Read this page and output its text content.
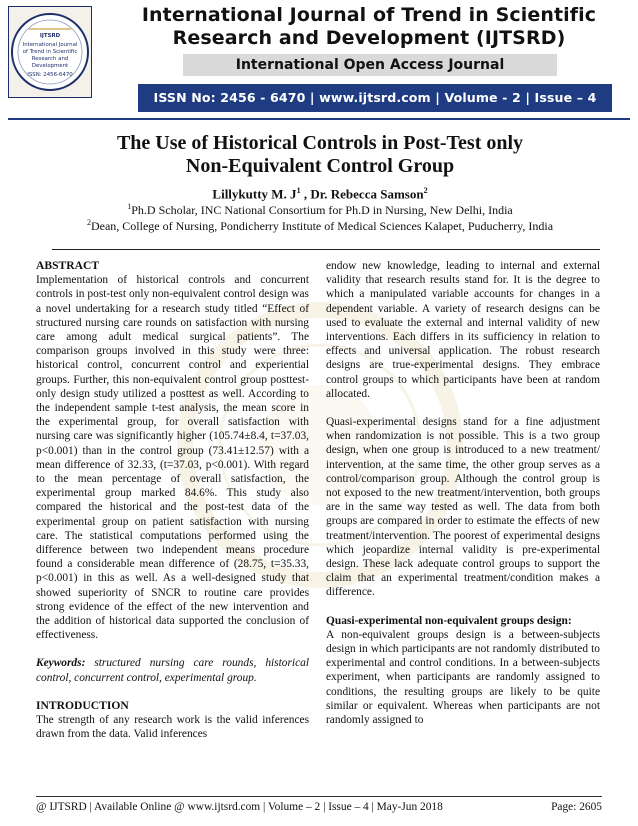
IJTSRD
International Journal
of Trend in Scientific
Research and
Development
ISSN: 2456-6470
International Journal of Trend in Scientific
Research and Development (IJTSRD)
International Open Access Journal
ISSN No: 2456 - 6470 | www.ijtsrd.com | Volume - 2 | Issue – 4
The Use of Historical Controls in Post-Test only
Non-Equivalent Control Group
Lillykutty M. $J^1$ , Dr. Rebecca Samson$^2$
$^1$Ph.D Scholar, INC National Consortium for Ph.D in Nursing, New Delhi, India
$^2$Dean, College of Nursing, Pondicherry Institute of Medical Sciences Kalapet, Puducherry, India
ABSTRACT

Implementation of historical controls and concurrent controls in post-test only non-equivalent control design was a novel undertaking for a research study titled “Effect of structured nursing care rounds on satisfaction with nursing care among adult medical surgical patients”. The comparison groups involved in this study were three: historical control, concurrent control and experiential groups. Further, this non-equivalent control group posttest-only design study utilized a posttest as well. According to the independent sample t-test analysis, the mean score in the experimental group, for overall satisfaction with nursing care was significantly higher (105.74±8.4, t=37.03, p<0.001) than in the control group (73.41±12.57) with a mean difference of 32.33, (t=37.03, p<0.001). With regard to the mean percentage of overall satisfaction, the experimental group marked 84.6%. This study also compared the historical and the post-test data of the experimental group on patient satisfaction with nursing care. The statistical computations performed using the difference between two independent means procedure found a considerable mean difference of (28.75, t=35.33, p<0.001) in this as well. As a well-designed study that showed superiority of SNCR to routine care provides strong evidence of the effect of the new intervention and the addition of historical data supported the conclusion of effectiveness.

Keywords: structured nursing care rounds, historical control, concurrent control, experimental group.

INTRODUCTION

The strength of any research work is the valid inferences drawn from the data. Valid inferences

endow new knowledge, leading to internal and external validity that research results stand for. It is the degree to which a manipulated variable accounts for changes in a dependent variable. A variety of research designs can be used to evaluate the external and internal validity of new interventions. Each differs in its sufficiency in relation to effects and universal application. The robust research designs are true-experimental designs. They embrace control groups to which participants have been at random allocated.

Quasi-experimental designs stand for a fine adjustment when randomization is not possible. This is a two group design, when one group is introduced to a new treatment/ intervention, at the same time, the other group serves as a control/comparison group. Although the control group is not exposed to the new treatment/intervention, both groups are in the same way tested as well. The data from both groups are compared in order to estimate the effects of new treatment/intervention. The poorest of experimental designs which jeopardize internal validity is pre-experimental design. These lack adequate control groups to support the claim that an experimental treatment/condition makes a difference.

Quasi-experimental non-equivalent groups design:

A non-equivalent groups design is a between-subjects design in which participants are not randomly distributed to experimental and control conditions. In a between-subjects experiment, when participants are randomly assigned to conditions, the resulting groups are likely to be quite similar or equivalent. Whereas when participants are not randomly assigned to

@ IJTSRD | Available Online @ www.ijtsrd.com | Volume – 2 | Issue – 4 | May-Jun 2018	Page: 2605
